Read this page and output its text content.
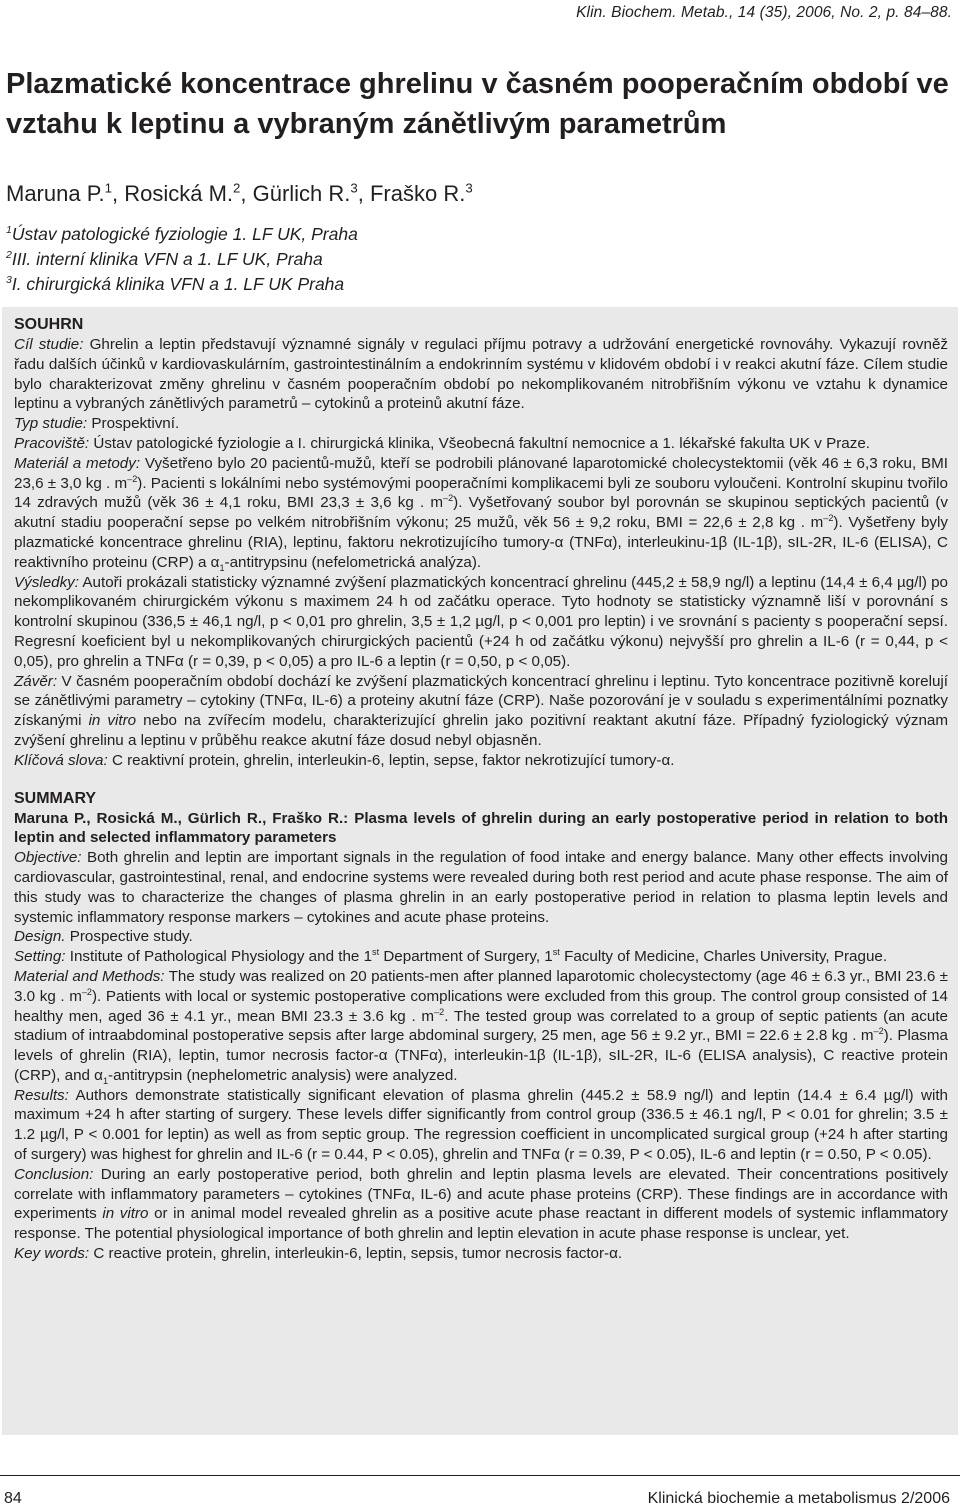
Klin. Biochem. Metab., 14 (35), 2006, No. 2, p. 84–88.
Plazmatické koncentrace ghrelinu v časném pooperačním období ve vztahu k leptinu a vybraným zánětlivým parametrům

Maruna P.$^1$, Rosická M.$^2$, Gürlich R.$^3$, Fraško R.$^3$

$^1$Ústav patologické fyziologie 1. LF UK, Praha
$^2$III. interní klinika VFN a 1. LF UK, Praha
$^3$I. chirurgická klinika VFN a 1. LF UK Praha
SOUHRN

Cíl studie: Ghrelin a leptin představují významné signály v regulaci příjmu potravy a udržování energetické rovnováhy. Vykazují rovněž řadu dalších účinků v kardiovaskulárním, gastrointestinálním a endokrinním systému v klidovém období i v reakci akutní fáze. Cílem studie bylo charakterizovat změny ghrelinu v časném pooperačním období po nekomplikovaném nitrobřišním výkonu ve vztahu k dynamice leptinu a vybraných zánětlivých parametrů – cytokinů a proteinů akutní fáze.

Typ studie: Prospektivní.

Pracoviště: Ústav patologické fyziologie a I. chirurgická klinika, Všeobecná fakultní nemocnice a 1. lékařské fakulta UK v Praze.

Materiál a metody: Vyšetřeno bylo 20 pacientů-mužů, kteří se podrobili plánované laparotomické cholecystektomii (věk 46 ± 6,3 roku, BMI 23,6 ± 3,0 kg . $m^{-2}$). Pacienti s lokálními nebo systémovými pooperačními komplikacemi byli ze souboru vyloučeni. Kontrolní skupinu tvořilo 14 zdravých mužů (věk 36 ± 4,1 roku, BMI 23,3 ± 3,6 kg . $m^{-2}$). Vyšetřovaný soubor byl porovnán se skupinou septických pacientů (v akutní stadiu pooperační sepse po velkém nitrobřišním výkonu; 25 mužů, věk 56 ± 9,2 roku, BMI = 22,6 ± 2,8 kg . $m^{-2}$). Vyšetřeny byly plazmatické koncentrace ghrelinu (RIA), leptinu, faktoru nekrotizujícího tumory-α (TNFα), interleukinu-1β (IL-1β), sIL-2R, IL-6 (ELISA), C reaktivního proteinu (CRP) a $\alpha_1$-antitrypsinu (nefelometrická analýza).

Výsledky: Autoři prokázali statisticky významné zvýšení plazmatických koncentrací ghrelinu (445,2 ± 58,9 ng/l) a leptinu (14,4 ± 6,4 µg/l) po nekomplikovaném chirurgickém výkonu s maximem 24 h od začátku operace. Tyto hodnoty se statisticky významně liší v porovnání s kontrolní skupinou (336,5 ± 46,1 ng/l, p < 0,01 pro ghrelin, 3,5 ± 1,2 µg/l, p < 0,001 pro leptin) i ve srovnání s pacienty s pooperační sepsí. Regresní koeficient byl u nekomplikovaných chirurgických pacientů (+24 h od začátku výkonu) nejvyšší pro ghrelin a IL-6 (r = 0,44, p < 0,05), pro ghrelin a TNFα (r = 0,39, p < 0,05) a pro IL-6 a leptin (r = 0,50, p < 0,05).

Závěr: V časném pooperačním období dochází ke zvýšení plazmatických koncentrací ghrelinu i leptinu. Tyto koncentrace pozitivně korelují se zánětlivými parametry – cytokiny (TNFα, IL-6) a proteiny akutní fáze (CRP). Naše pozorování je v souladu s experimentálními poznatky získanými in vitro nebo na zvířecím modelu, charakterizující ghrelin jako pozitivní reaktant akutní fáze. Případný fyziologický význam zvýšení ghrelinu a leptinu v průběhu reakce akutní fáze dosud nebyl objasněn.

Klíčová slova: C reaktivní protein, ghrelin, interleukin-6, leptin, sepse, faktor nekrotizující tumory-α.

SUMMARY

Maruna P., Rosická M., Gürlich R., Fraško R.: Plasma levels of ghrelin during an early postoperative period in relation to both leptin and selected inflammatory parameters

Objective: Both ghrelin and leptin are important signals in the regulation of food intake and energy balance. Many other effects involving cardiovascular, gastrointestinal, renal, and endocrine systems were revealed during both rest period and acute phase response. The aim of this study was to characterize the changes of plasma ghrelin in an early postoperative period in relation to plasma leptin levels and systemic inflammatory response markers – cytokines and acute phase proteins.

Design. Prospective study.

Setting: Institute of Pathological Physiology and the 1st Department of Surgery, 1st Faculty of Medicine, Charles University, Prague.

Material and Methods: The study was realized on 20 patients-men after planned laparotomic cholecystectomy (age 46 ± 6.3 yr., BMI 23.6 ± 3.0 kg . $m^{-2}$). Patients with local or systemic postoperative complications were excluded from this group. The control group consisted of 14 healthy men, aged 36 ± 4.1 yr., mean BMI 23.3 ± 3.6 kg . $m^{-2}$. The tested group was correlated to a group of septic patients (an acute stadium of intraabdominal postoperative sepsis after large abdominal surgery, 25 men, age 56 ± 9.2 yr., BMI = 22.6 ± 2.8 kg . $m^{-2}$). Plasma levels of ghrelin (RIA), leptin, tumor necrosis factor-α (TNFα), interleukin-1β (IL-1β), sIL-2R, IL-6 (ELISA analysis), C reactive protein (CRP), and $\alpha_1$-antitrypsin (nephelometric analysis) were analyzed.

Results: Authors demonstrate statistically significant elevation of plasma ghrelin (445.2 ± 58.9 ng/l) and leptin (14.4 ± 6.4 µg/l) with maximum +24 h after starting of surgery. These levels differ significantly from control group (336.5 ± 46.1 ng/l, P < 0.01 for ghrelin; 3.5 ± 1.2 µg/l, P < 0.001 for leptin) as well as from septic group. The regression coefficient in uncomplicated surgical group (+24 h after starting of surgery) was highest for ghrelin and IL-6 (r = 0.44, P < 0.05), ghrelin and TNFα (r = 0.39, P < 0.05), IL-6 and leptin (r = 0.50, P < 0.05).

Conclusion: During an early postoperative period, both ghrelin and leptin plasma levels are elevated. Their concentrations positively correlate with inflammatory parameters – cytokines (TNFα, IL-6) and acute phase proteins (CRP). These findings are in accordance with experiments in vitro or in animal model revealed ghrelin as a positive acute phase reactant in different models of systemic inflammatory response. The potential physiological importance of both ghrelin and leptin elevation in acute phase response is unclear, yet.

Key words: C reactive protein, ghrelin, interleukin-6, leptin, sepsis, tumor necrosis factor-α.

84	Klinická biochemie a metabolismus 2/2006
